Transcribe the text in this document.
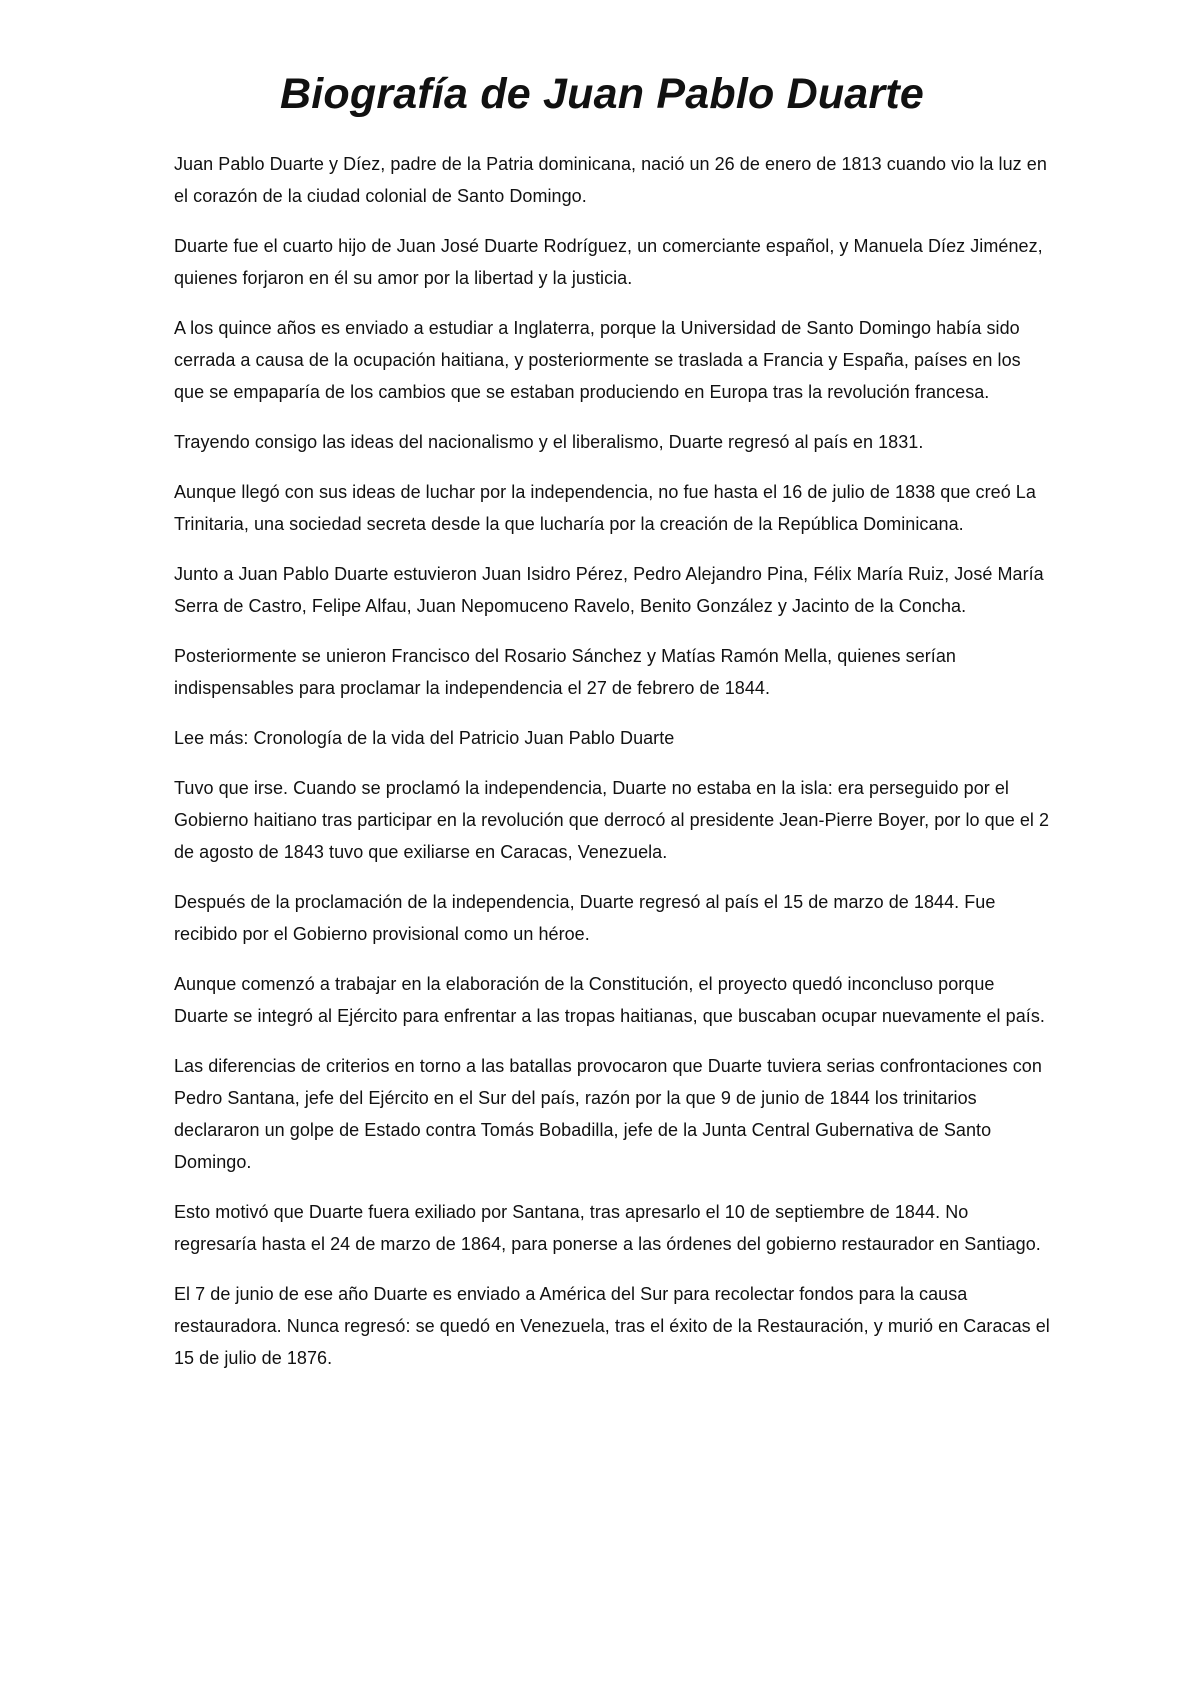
Biografía de Juan Pablo Duarte

Juan Pablo Duarte y Díez, padre de la Patria dominicana, nació un 26 de enero de 1813 cuando vio la luz en el corazón de la ciudad colonial de Santo Domingo.

Duarte fue el cuarto hijo de Juan José Duarte Rodríguez, un comerciante español, y Manuela Díez Jiménez, quienes forjaron en él su amor por la libertad y la justicia.

A los quince años es enviado a estudiar a Inglaterra, porque la Universidad de Santo Domingo había sido cerrada a causa de la ocupación haitiana, y posteriormente se traslada a Francia y España, países en los que se empaparía de los cambios que se estaban produciendo en Europa tras la revolución francesa.

Trayendo consigo las ideas del nacionalismo y el liberalismo, Duarte regresó al país en 1831.

Aunque llegó con sus ideas de luchar por la independencia, no fue hasta el 16 de julio de 1838 que creó La Trinitaria, una sociedad secreta desde la que lucharía por la creación de la República Dominicana.

Junto a Juan Pablo Duarte estuvieron Juan Isidro Pérez, Pedro Alejandro Pina, Félix María Ruiz, José María Serra de Castro, Felipe Alfau, Juan Nepomuceno Ravelo, Benito González y Jacinto de la Concha.

Posteriormente se unieron Francisco del Rosario Sánchez y Matías Ramón Mella, quienes serían indispensables para proclamar la independencia el 27 de febrero de 1844.

Lee más: Cronología de la vida del Patricio Juan Pablo Duarte

Tuvo que irse. Cuando se proclamó la independencia, Duarte no estaba en la isla: era perseguido por el Gobierno haitiano tras participar en la revolución que derrocó al presidente Jean-Pierre Boyer, por lo que el 2 de agosto de 1843 tuvo que exiliarse en Caracas, Venezuela.

Después de la proclamación de la independencia, Duarte regresó al país el 15 de marzo de 1844. Fue recibido por el Gobierno provisional como un héroe.

Aunque comenzó a trabajar en la elaboración de la Constitución, el proyecto quedó inconcluso porque Duarte se integró al Ejército para enfrentar a las tropas haitianas, que buscaban ocupar nuevamente el país.

Las diferencias de criterios en torno a las batallas provocaron que Duarte tuviera serias confrontaciones con Pedro Santana, jefe del Ejército en el Sur del país, razón por la que 9 de junio de 1844 los trinitarios declararon un golpe de Estado contra Tomás Bobadilla, jefe de la Junta Central Gubernativa de Santo Domingo.

Esto motivó que Duarte fuera exiliado por Santana, tras apresarlo el 10 de septiembre de 1844. No regresaría hasta el 24 de marzo de 1864, para ponerse a las órdenes del gobierno restaurador en Santiago.

El 7 de junio de ese año Duarte es enviado a América del Sur para recolectar fondos para la causa restauradora. Nunca regresó: se quedó en Venezuela, tras el éxito de la Restauración, y murió en Caracas el 15 de julio de 1876.
